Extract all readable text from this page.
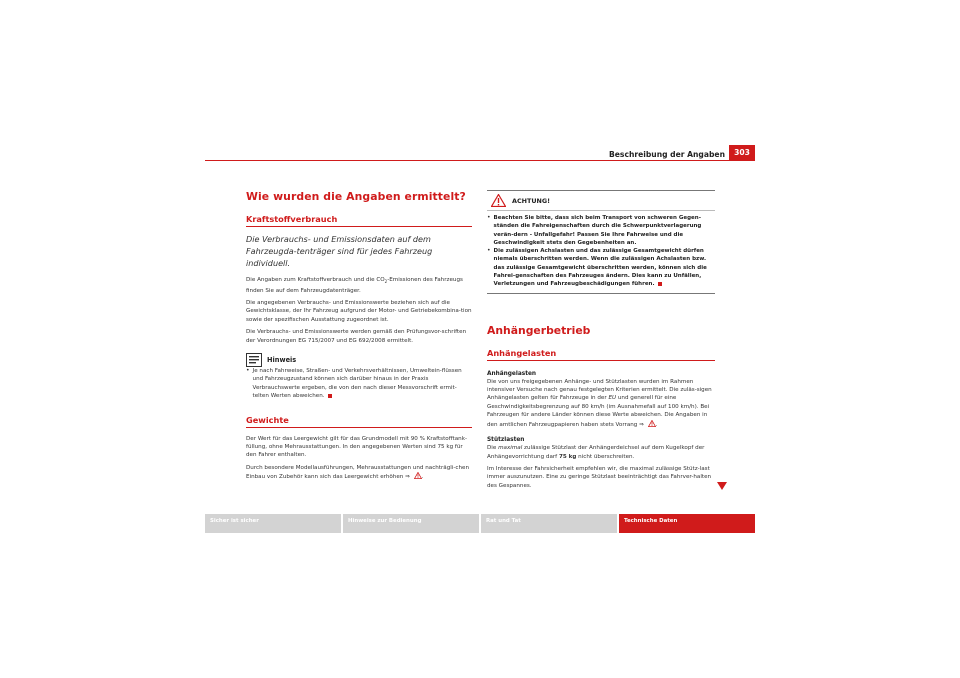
Beschreibung der Angaben	303
Wie wurden die Angaben ermittelt?
Kraftstoffverbrauch
Die Verbrauchs- und Emissionsdaten auf dem Fahrzeugda-tenträger sind für jedes Fahrzeug individuell.

Die Angaben zum Kraftstoffverbrauch und die $CO_2$-Emissionen des Fahrzeugs finden Sie auf dem Fahrzeugdatenträger.

Die angegebenen Verbrauchs- und Emissionswerte beziehen sich auf die Gewichtsklasse, der Ihr Fahrzeug aufgrund der Motor- und Getriebekombina-tion sowie der spezifischen Ausstattung zugeordnet ist.

Die Verbrauchs- und Emissionswerte werden gemäß den Prüfungsvor-schriften der Verordnungen EG 715/2007 und EG 692/2008 ermittelt.

Hinweis
• Je nach Fahrweise, Straßen- und Verkehrsverhältnissen, Umweltein-flüssen und Fahrzeugzustand können sich darüber hinaus in der Praxis Verbrauchswerte ergeben, die von den nach dieser Messvorschrift ermit-telten Werten abweichen.

Gewichte

Der Wert für das Leergewicht gilt für das Grundmodell mit 90 % Kraftstofftank-füllung, ohne Mehrausstattungen. In den angegebenen Werten sind 75 kg für den Fahrer enthalten.

Durch besondere Modellausführungen, Mehrausstattungen und nachträgli-chen Einbau von Zubehör kann sich das Leergewicht erhöhen ⇒ .

ACHTUNG!
• Beachten Sie bitte, dass sich beim Transport von schweren Gegen-ständen die Fahreigenschaften durch die Schwerpunktverlagerung verän-dern - Unfallgefahr! Passen Sie Ihre Fahrweise und die Geschwindigkeit stets den Gegebenheiten an.

• Die zulässigen Achslasten und das zulässige Gesamtgewicht dürfen niemals überschritten werden. Wenn die zulässigen Achslasten bzw. das zulässige Gesamtgewicht überschritten werden, können sich die Fahrei-genschaften des Fahrzeuges ändern. Dies kann zu Unfällen, Verletzungen und Fahrzeugbeschädigungen führen.

Anhängerbetrieb
Anhängelasten
Anhängelasten

Die von uns freigegebenen Anhänge- und Stützlasten wurden im Rahmen intensiver Versuche nach genau festgelegten Kriterien ermittelt. Die zuläs-sigen Anhängelasten gelten für Fahrzeuge in der EU und generell für eine Geschwindigkeitsbegrenzung auf 80 km/h (im Ausnahmefall auf 100 km/h). Bei Fahrzeugen für andere Länder können diese Werte abweichen. Die Angaben in den amtlichen Fahrzeugpapieren haben stets Vorrang ⇒ .

Stützlasten

Die maximal zulässige Stützlast der Anhängerdeichsel auf dem Kugelkopf der Anhängevorrichtung darf 75 kg nicht überschreiten.

Im Interesse der Fahrsicherheit empfehlen wir, die maximal zulässige Stütz-last immer auszunutzen. Eine zu geringe Stützlast beeinträchtigt das Fahrver-halten des Gespannes.

Sicher ist sicher	Hinweise zur Bedienung	Rat und Tat	Technische Daten
